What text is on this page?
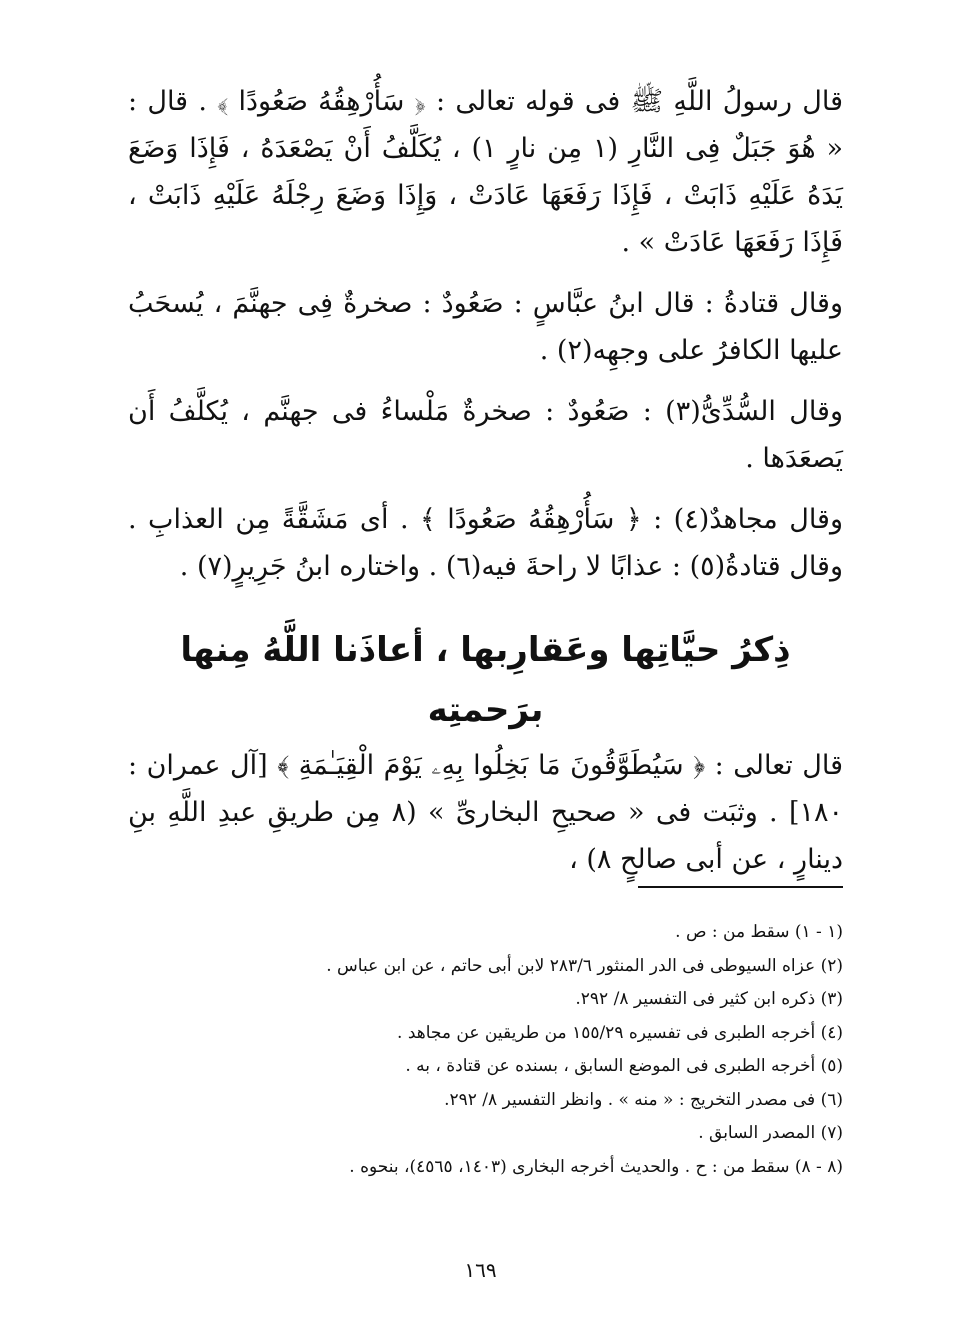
قال رسولُ اللَّهِ ﷺ فى قوله تعالى : ﴿ سَأُرْهِقُهُ صَعُودًا ﴾ . قال : « هُوَ جَبَلٌ فِى النَّارِ (١ مِن نارٍ ١) ، يُكَلَّفُ أَنْ يَصْعَدَهُ ، فَإِذَا وَضَعَ يَدَهُ عَلَيْهِ ذَابَتْ ، فَإِذَا رَفَعَهَا عَادَتْ ، وَإِذَا وَضَعَ رِجْلَهُ عَلَيْهِ ذَابَتْ ، فَإِذَا رَفَعَهَا عَادَتْ » .

وقال قتادةُ : قال ابنُ عبَّاسٍ : صَعُودٌ : صخرةٌ فِى جهنَّمَ ، يُسحَبُ عليها الكافرُ على وجهِه(٢) .

وقال السُّدِّىُّ(٣) : صَعُودٌ : صخرةٌ مَلْساءُ فى جهنَّم ، يُكلَّفُ أَن يَصعَدَها .

وقال مجاهدٌ(٤) : ﴿ سَأُرْهِقُهُ صَعُودًا ﴾ . أى مَشَقَّةً مِن العذابِ . وقال قتادةُ(٥) : عذابًا لا راحةَ فيه(٦) . واختاره ابنُ جَرِيرٍ(٧) .

ذِكرُ حيَّاتِها وعَقارِبها ، أعاذَنا اللَّهُ مِنها برَحمتِه

قال تعالى : ﴿ سَيُطَوَّقُونَ مَا بَخِلُوا بِهِۦ يَوْمَ الْقِيَـٰمَةِ ﴾ [آل عمران : ١٨٠] . وثبَت فى « صحيحِ البخارىِّ » (٨ مِن طريقِ عبدِ اللَّهِ بنِ دينارٍ ، عن أبى صالحٍ ٨) ،

(١ - ١) سقط من : ص .
(٢) عزاه السيوطى فى الدر المنثور ٢٨٣/٦ لابن أبى حاتم ، عن ابن عباس .
(٣) ذكره ابن كثير فى التفسير ٨/ ٢٩٢.
(٤) أخرجه الطبرى فى تفسيره ١٥٥/٢٩ من طريقين عن مجاهد .
(٥) أخرجه الطبرى فى الموضع السابق ، بسنده عن قتادة ، به .
(٦) فى مصدر التخريج : « منه » . وانظر التفسير ٨/ ٢٩٢.
(٧) المصدر السابق .
(٨ - ٨) سقط من : ح . والحديث أخرجه البخارى (١٤٠٣، ٤٥٦٥)، بنحوه .
١٦٩
